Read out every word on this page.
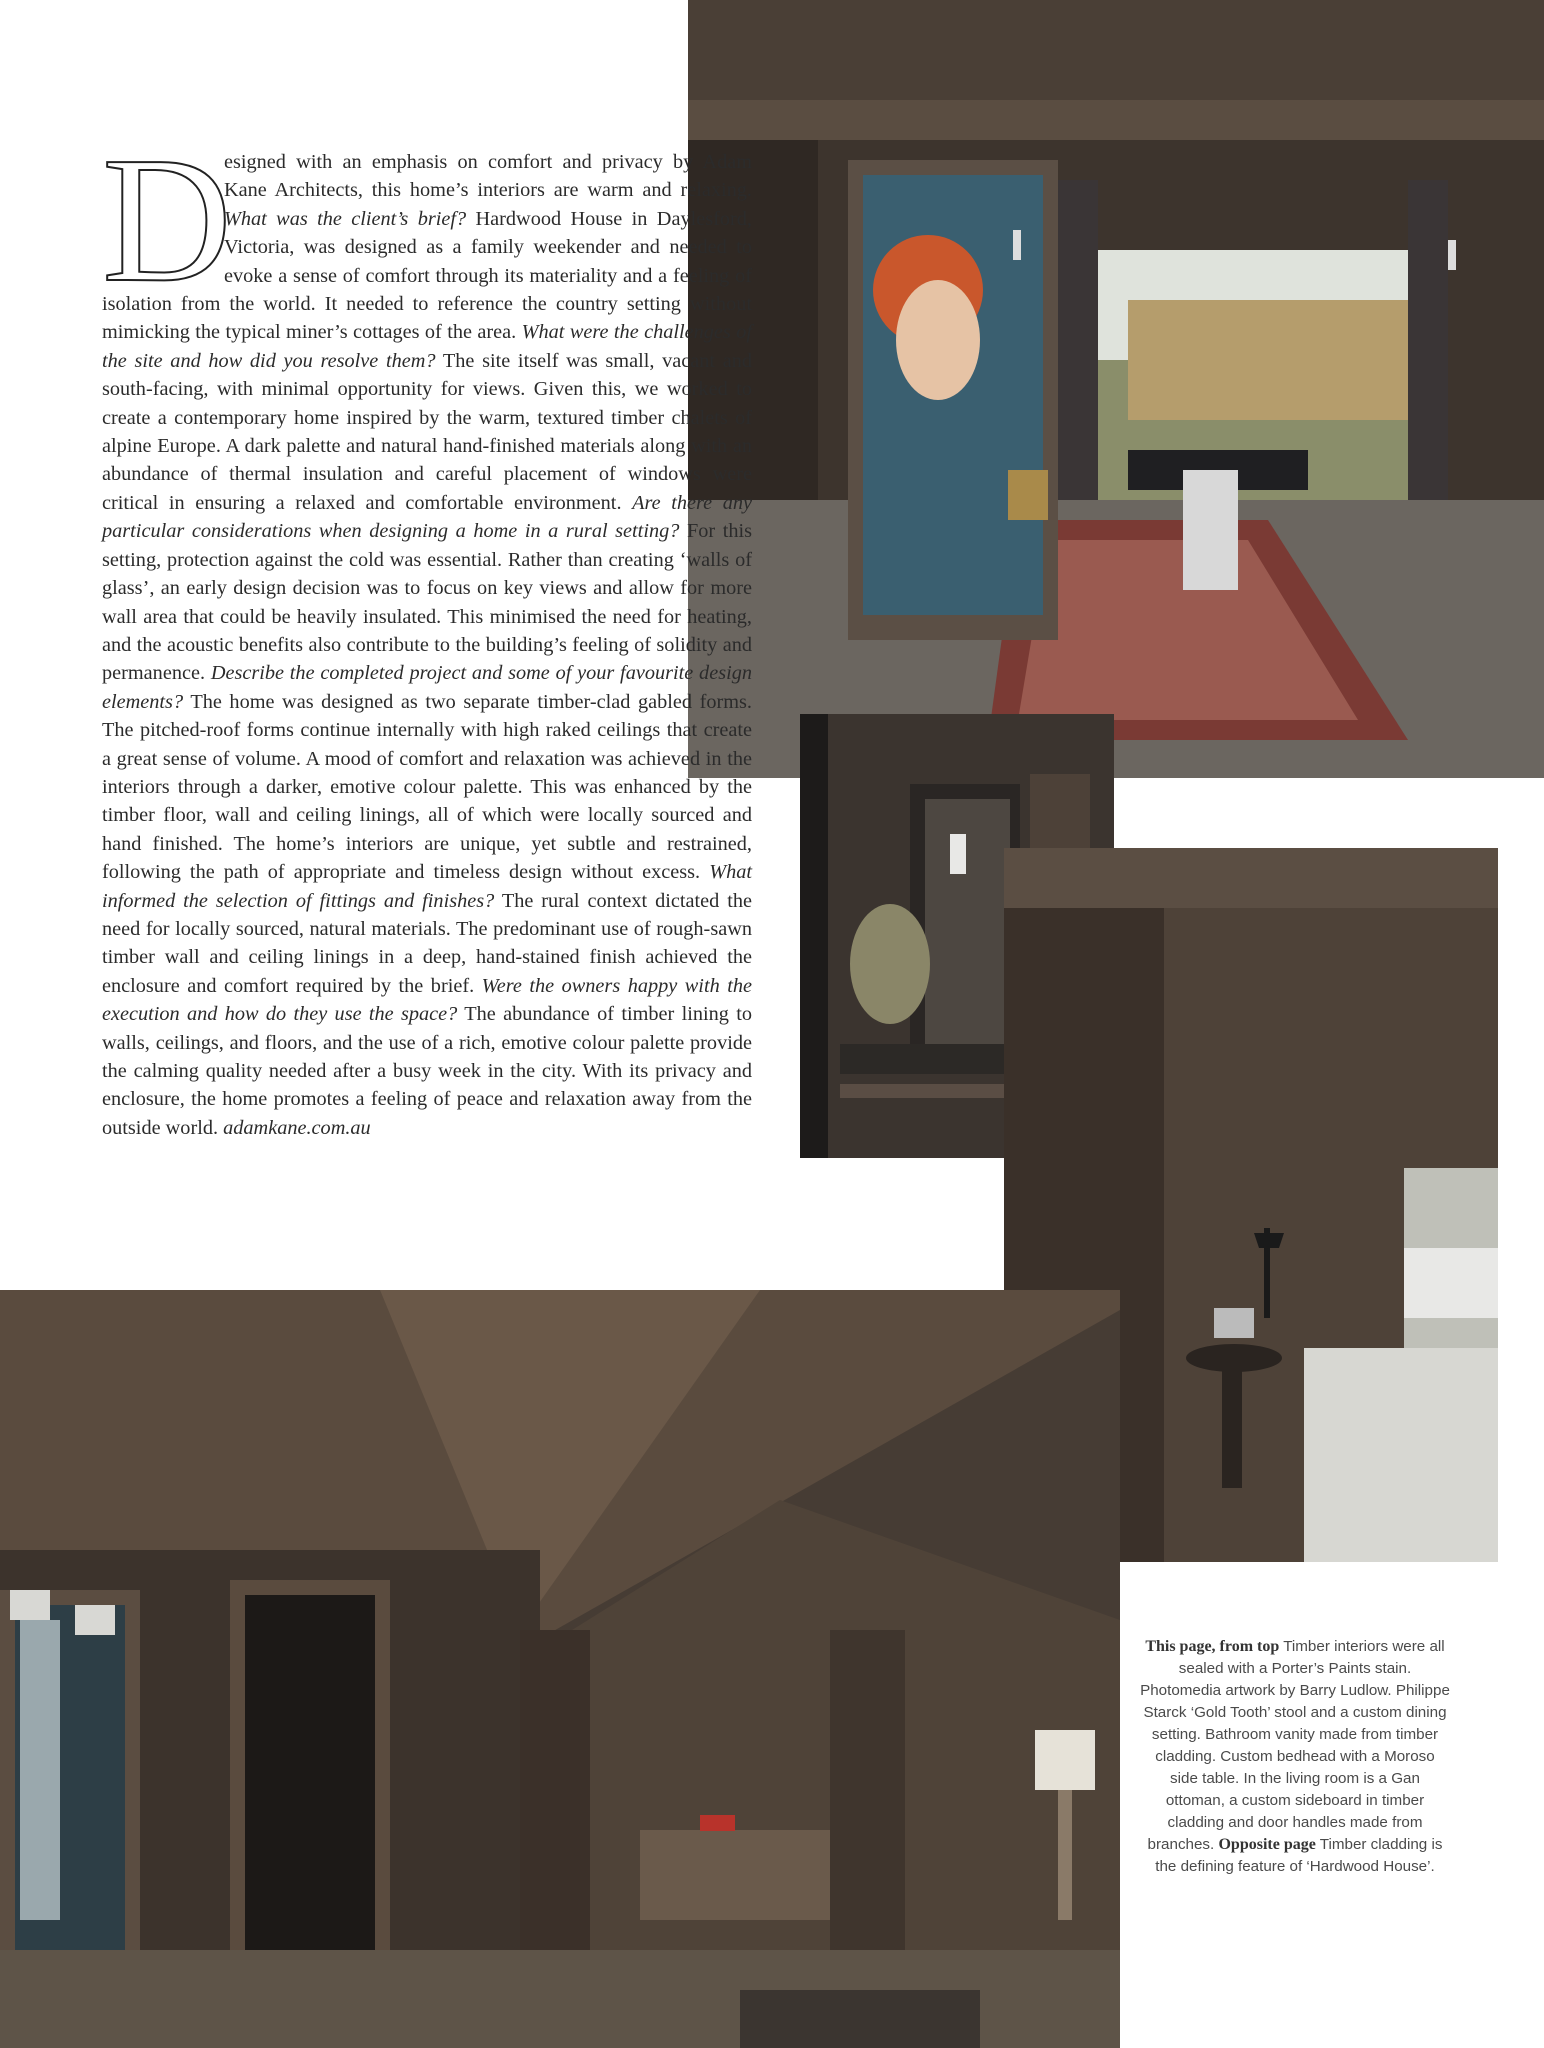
D
esigned with an emphasis on comfort and privacy by Adam Kane Architects, this home’s interiors are warm and relaxing. What was the client’s brief? Hardwood House in Daylesford, Victoria, was designed as a family weekender and needed to evoke a sense of comfort through its materiality and a feeling of isolation from the world. It needed to reference the country setting without mimicking the typical miner’s cottages of the area. What were the challenges of the site and how did you resolve them? The site itself was small, vacant and south-facing, with minimal opportunity for views. Given this, we worked to create a contemporary home inspired by the warm, textured timber chalets of alpine Europe. A dark palette and natural hand-finished materials along with an abundance of thermal insulation and careful placement of windows were critical in ensuring a relaxed and comfortable environment. Are there any particular considerations when designing a home in a rural setting? For this setting, protection against the cold was essential. Rather than creating ‘walls of glass’, an early design decision was to focus on key views and allow for more wall area that could be heavily insulated. This minimised the need for heating, and the acoustic benefits also contribute to the building’s feeling of solidity and permanence. Describe the completed project and some of your favourite design elements? The home was designed as two separate timber-clad gabled forms. The pitched-roof forms continue internally with high raked ceilings that create a great sense of volume. A mood of comfort and relaxation was achieved in the interiors through a darker, emotive colour palette. This was enhanced by the timber floor, wall and ceiling linings, all of which were locally sourced and hand finished. The home’s interiors are unique, yet subtle and restrained, following the path of appropriate and timeless design without excess. What informed the selection of fittings and finishes? The rural context dictated the need for locally sourced, natural materials. The predominant use of rough-sawn timber wall and ceiling linings in a deep, hand-stained finish achieved the enclosure and comfort required by the brief. Were the owners happy with the execution and how do they use the space? The abundance of timber lining to walls, ceilings, and floors, and the use of a rich, emotive colour palette provide the calming quality needed after a busy week in the city. With its privacy and enclosure, the home promotes a feeling of peace and relaxation away from the outside world. adamkane.com.au
This page, from top Timber interiors were all sealed with a Porter’s Paints stain. Photomedia artwork by Barry Ludlow. Philippe Starck ‘Gold Tooth’ stool and a custom dining setting. Bathroom vanity made from timber cladding. Custom bedhead with a Moroso side table. In the living room is a Gan ottoman, a custom sideboard in timber cladding and door handles made from branches. Opposite page Timber cladding is the defining feature of ‘Hardwood House’.
